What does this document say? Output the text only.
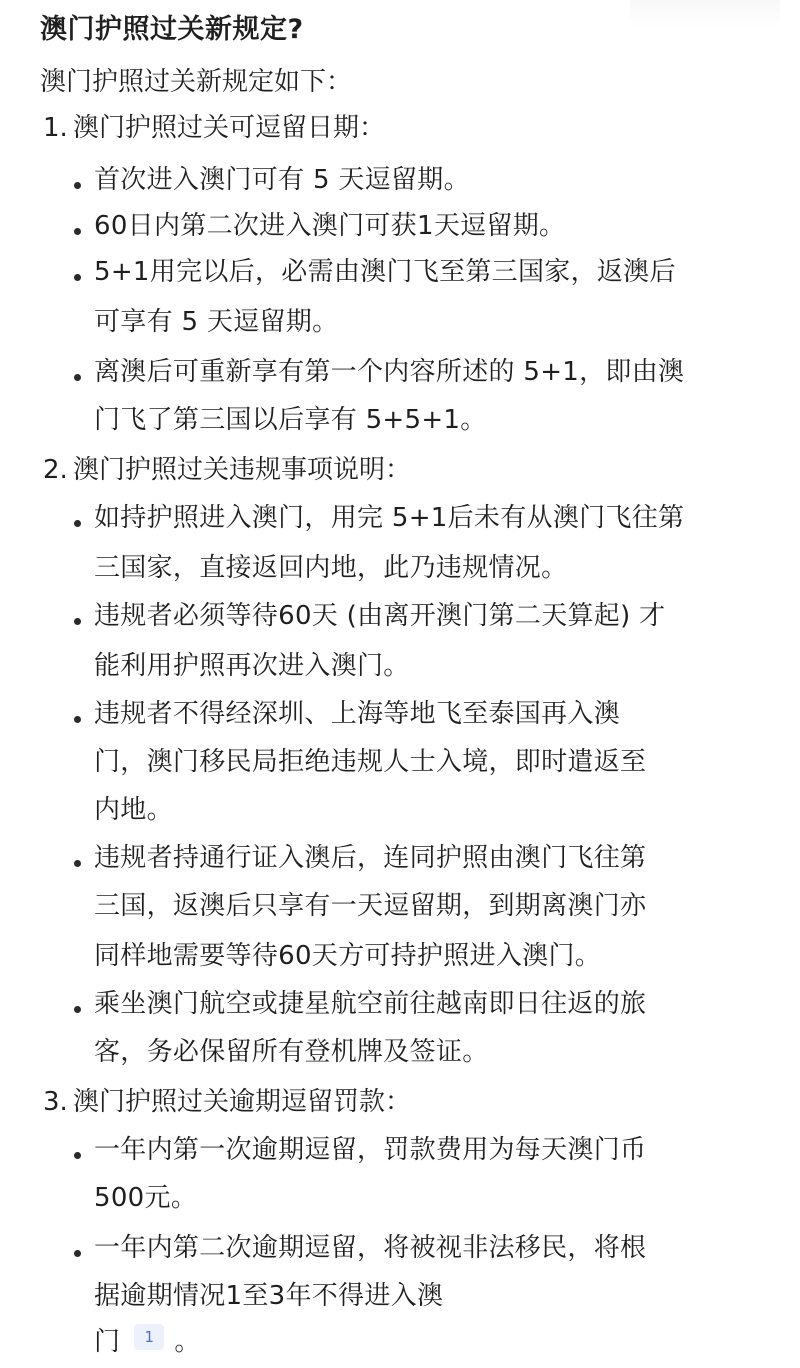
澳门护照过关新规定?
澳门护照过关新规定如下：
1. 澳门护照过关可逗留日期：
首次进入澳门可有 5 天逗留期。
60日内第二次进入澳门可获1天逗留期。
5+1用完以后，必需由澳门飞至第三国家，返澳后
可享有 5 天逗留期。
离澳后可重新享有第一个内容所述的 5+1，即由澳
门飞了第三国以后享有 5+5+1。
2. 澳门护照过关违规事项说明：
如持护照进入澳门，用完 5+1后未有从澳门飞往第
三国家，直接返回内地，此乃违规情况。
违规者必须等待60天 (由离开澳门第二天算起) 才
能利用护照再次进入澳门。
违规者不得经深圳、上海等地飞至泰国再入澳
门，澳门移民局拒绝违规人士入境，即时遣返至
内地。
违规者持通行证入澳后，连同护照由澳门飞往第
三国，返澳后只享有一天逗留期，到期离澳门亦
同样地需要等待60天方可持护照进入澳门。
乘坐澳门航空或捷星航空前往越南即日往返的旅
客，务必保留所有登机牌及签证。
3. 澳门护照过关逾期逗留罚款：
一年内第一次逾期逗留，罚款费用为每天澳门币
500元。
一年内第二次逾期逗留，将被视非法移民，将根
据逾期情况1至3年不得进入澳
门 1 。
